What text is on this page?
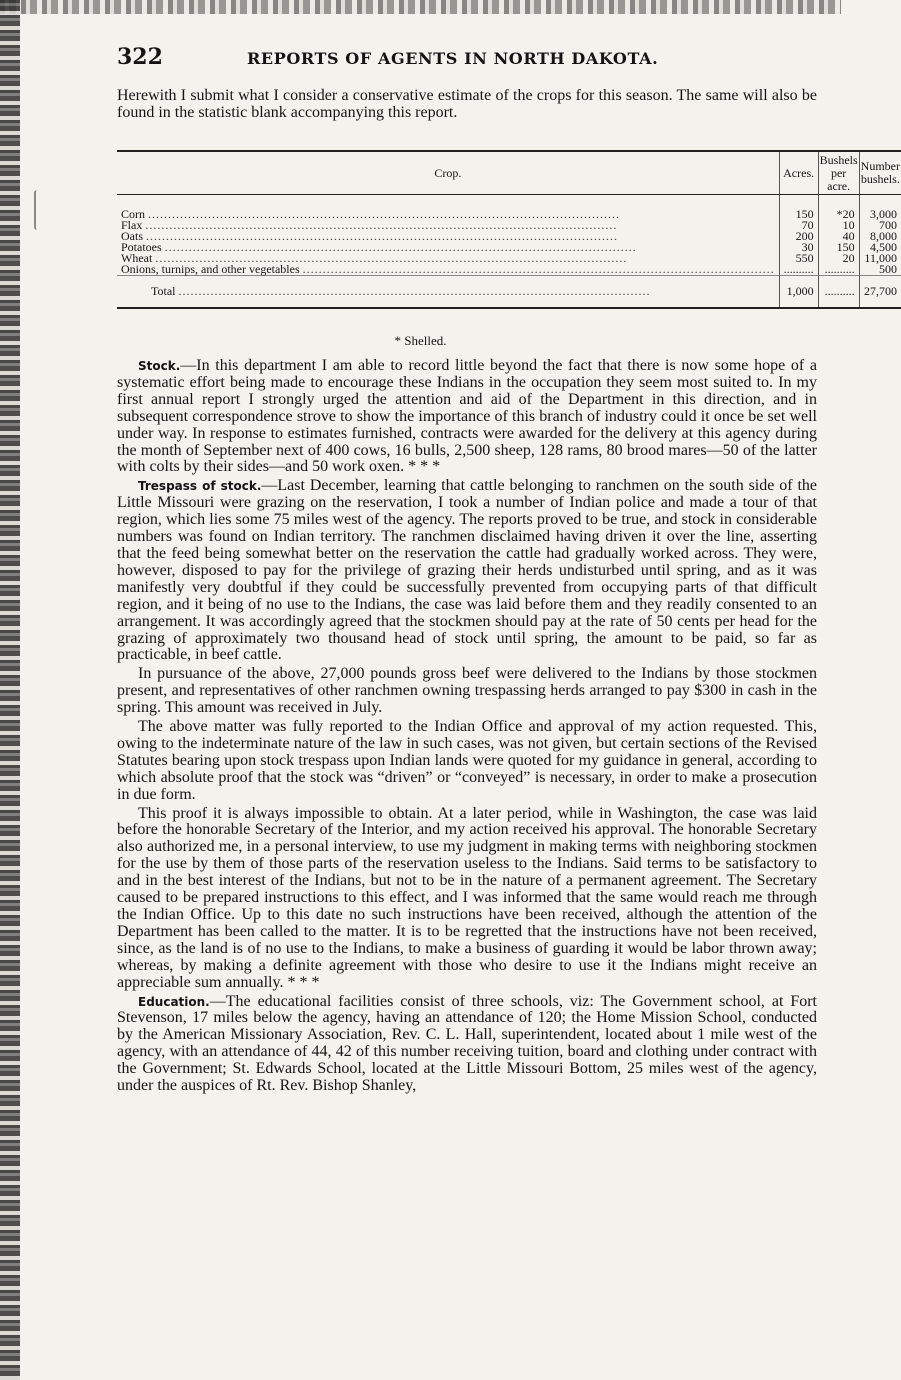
322	REPORTS OF AGENTS IN NORTH DAKOTA.

Herewith I submit what I consider a conservative estimate of the crops for this season. The same will also be found in the statistic blank accompanying this report.

Crop.	Acres.	Bushels per acre.	Number bushels.
Corn ......................................................................................................................	150	*20	3,000
Flax ......................................................................................................................	70	10	700
Oats ......................................................................................................................	200	40	8,000
Potatoes ......................................................................................................................	30	150	4,500
Wheat ......................................................................................................................	550	20	11,000
Onions, turnips, and other vegetables ......................................................................................................................	..........	..........	500
Total ......................................................................................................................	1,000	..........	27,700
* Shelled.

Stock.—In this department I am able to record little beyond the fact that there is now some hope of a systematic effort being made to encourage these Indians in the occupation they seem most suited to. In my first annual report I strongly urged the attention and aid of the Department in this direction, and in subsequent correspondence strove to show the importance of this branch of industry could it once be set well under way. In response to estimates furnished, contracts were awarded for the delivery at this agency during the month of September next of 400 cows, 16 bulls, 2,500 sheep, 128 rams, 80 brood mares—50 of the latter with colts by their sides—and 50 work oxen. * * *

Trespass of stock.—Last December, learning that cattle belonging to ranchmen on the south side of the Little Missouri were grazing on the reservation, I took a number of Indian police and made a tour of that region, which lies some 75 miles west of the agency. The reports proved to be true, and stock in considerable numbers was found on Indian territory. The ranchmen disclaimed having driven it over the line, asserting that the feed being somewhat better on the reservation the cattle had gradually worked across. They were, however, disposed to pay for the privilege of grazing their herds undisturbed until spring, and as it was manifestly very doubtful if they could be successfully prevented from occupying parts of that difficult region, and it being of no use to the Indians, the case was laid before them and they readily consented to an arrangement. It was accordingly agreed that the stockmen should pay at the rate of 50 cents per head for the grazing of approximately two thousand head of stock until spring, the amount to be paid, so far as practicable, in beef cattle.

In pursuance of the above, 27,000 pounds gross beef were delivered to the Indians by those stockmen present, and representatives of other ranchmen owning trespassing herds arranged to pay $300 in cash in the spring. This amount was received in July.

The above matter was fully reported to the Indian Office and approval of my action requested. This, owing to the indeterminate nature of the law in such cases, was not given, but certain sections of the Revised Statutes bearing upon stock trespass upon Indian lands were quoted for my guidance in general, according to which absolute proof that the stock was “driven” or “conveyed” is necessary, in order to make a prosecution in due form.

This proof it is always impossible to obtain. At a later period, while in Washington, the case was laid before the honorable Secretary of the Interior, and my action received his approval. The honorable Secretary also authorized me, in a personal interview, to use my judgment in making terms with neighboring stockmen for the use by them of those parts of the reservation useless to the Indians. Said terms to be satisfactory to and in the best interest of the Indians, but not to be in the nature of a permanent agreement. The Secretary caused to be prepared instructions to this effect, and I was informed that the same would reach me through the Indian Office. Up to this date no such instructions have been received, although the attention of the Department has been called to the matter. It is to be regretted that the instructions have not been received, since, as the land is of no use to the Indians, to make a business of guarding it would be labor thrown away; whereas, by making a definite agreement with those who desire to use it the Indians might receive an appreciable sum annually. * * *

Education.—The educational facilities consist of three schools, viz: The Government school, at Fort Stevenson, 17 miles below the agency, having an attendance of 120; the Home Mission School, conducted by the American Missionary Association, Rev. C. L. Hall, superintendent, located about 1 mile west of the agency, with an attendance of 44, 42 of this number receiving tuition, board and clothing under contract with the Government; St. Edwards School, located at the Little Missouri Bottom, 25 miles west of the agency, under the auspices of Rt. Rev. Bishop Shanley,
